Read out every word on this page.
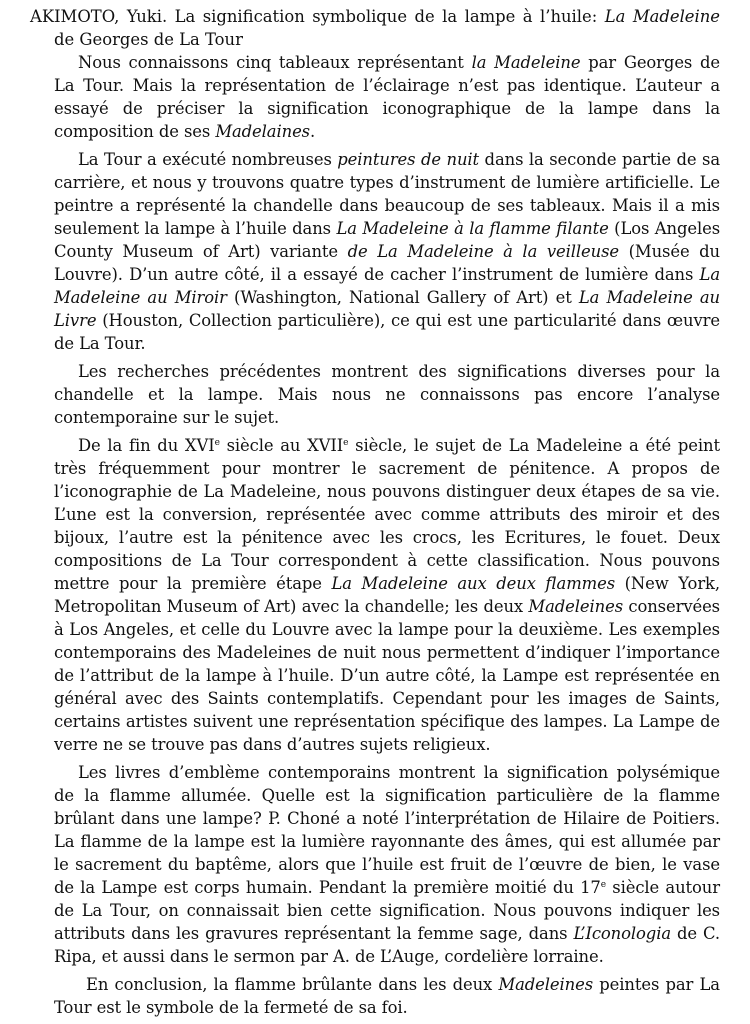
AKIMOTO, Yuki. La signification symbolique de la lampe à l’huile: La Madeleine de Georges de La Tour

Nous connaissons cinq tableaux représentant la Madeleine par Georges de La Tour. Mais la représentation de l’éclairage n’est pas identique. L’auteur a essayé de préciser la signification iconographique de la lampe dans la composition de ses Madelaines.

La Tour a exécuté nombreuses peintures de nuit dans la seconde partie de sa carrière, et nous y trouvons quatre types d’instrument de lumière artificielle. Le peintre a représenté la chandelle dans beaucoup de ses tableaux. Mais il a mis seulement la lampe à l’huile dans La Madeleine à la flamme filante (Los Angeles County Museum of Art) variante de La Madeleine à la veilleuse (Musée du Louvre). D’un autre côté, il a essayé de cacher l’instrument de lumière dans La Madeleine au Miroir (Washington, National Gallery of Art) et La Madeleine au Livre (Houston, Collection particulière), ce qui est une particularité dans œuvre de La Tour.

Les recherches précédentes montrent des significations diverses pour la chandelle et la lampe. Mais nous ne connaissons pas encore l’analyse contemporaine sur le sujet.

De la fin du XVIe siècle au XVIIe siècle, le sujet de La Madeleine a été peint très fréquemment pour montrer le sacrement de pénitence. A propos de l’iconographie de La Madeleine, nous pouvons distinguer deux étapes de sa vie. L’une est la conversion, représentée avec comme attributs des miroir et des bijoux, l’autre est la pénitence avec les crocs, les Ecritures, le fouet. Deux compositions de La Tour correspondent à cette classification. Nous pouvons mettre pour la première étape La Madeleine aux deux flammes (New York, Metropolitan Museum of Art) avec la chandelle; les deux Madeleines conservées à Los Angeles, et celle du Louvre avec la lampe pour la deuxième. Les exemples contemporains des Madeleines de nuit nous permettent d’indiquer l’importance de l’attribut de la lampe à l’huile. D’un autre côté, la Lampe est représentée en général avec des Saints contemplatifs. Cependant pour les images de Saints, certains artistes suivent une représentation spécifique des lampes. La Lampe de verre ne se trouve pas dans d’autres sujets religieux.

Les livres d’emblème contemporains montrent la signification polysémique de la flamme allumée. Quelle est la signification particulière de la flamme brûlant dans une lampe? P. Choné a noté l’interprétation de Hilaire de Poitiers. La flamme de la lampe est la lumière rayonnante des âmes, qui est allumée par le sacrement du baptême, alors que l’huile est fruit de l’œuvre de bien, le vase de la Lampe est corps humain. Pendant la première moitié du 17e siècle autour de La Tour, on connaissait bien cette signification. Nous pouvons indiquer les attributs dans les gravures représentant la femme sage, dans L’Iconologia de C. Ripa, et aussi dans le sermon par A. de L’Auge, cordelière lorraine.

En conclusion, la flamme brûlante dans les deux Madeleines peintes par La Tour est le symbole de la fermeté de sa foi.
